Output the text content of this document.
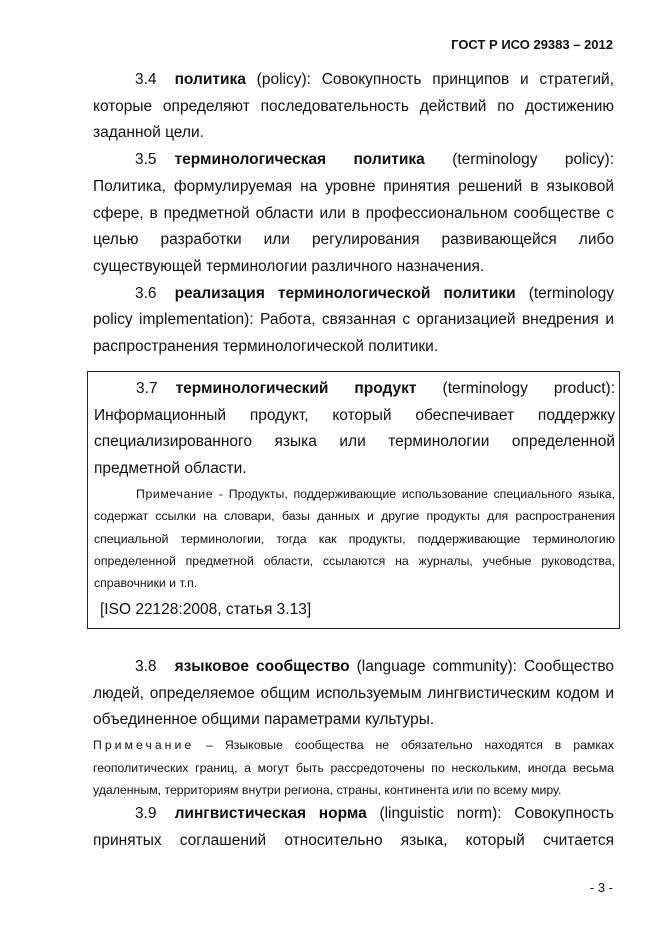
ГОСТ Р ИСО 29383 – 2012

3.4 политика (policy): Совокупность принципов и стратегий, которые определяют последовательность действий по достижению заданной цели.

3.5 терминологическая политика (terminology policy): Политика, формулируемая на уровне принятия решений в языковой сфере, в предметной области или в профессиональном сообществе с целью разработки или регулирования развивающейся либо существующей терминологии различного назначения.

3.6 реализация терминологической политики (terminology policy implementation): Работа, связанная с организацией внедрения и распространения терминологической политики.

3.7 терминологический продукт (terminology product): Информационный продукт, который обеспечивает поддержку специализированного языка или терминологии определенной предметной области.

Примечание - Продукты, поддерживающие использование специального языка, содержат ссылки на словари, базы данных и другие продукты для распространения специальной терминологии, тогда как продукты, поддерживающие терминологию определенной предметной области, ссылаются на журналы, учебные руководства, справочники и т.п.

[ISO 22128:2008, статья 3.13]

3.8 языковое сообщество (language community): Сообщество людей, определяемое общим используемым лингвистическим кодом и объединенное общими параметрами культуры.

Примечание – Языковые сообщества не обязательно находятся в рамках геополитических границ, а могут быть рассредоточены по нескольким, иногда весьма удаленным, территориям внутри региона, страны, континента или по всему миру.

3.9 лингвистическая норма (linguistic norm): Совокупность принятых соглашений относительно языка, который считается

- 3 -
